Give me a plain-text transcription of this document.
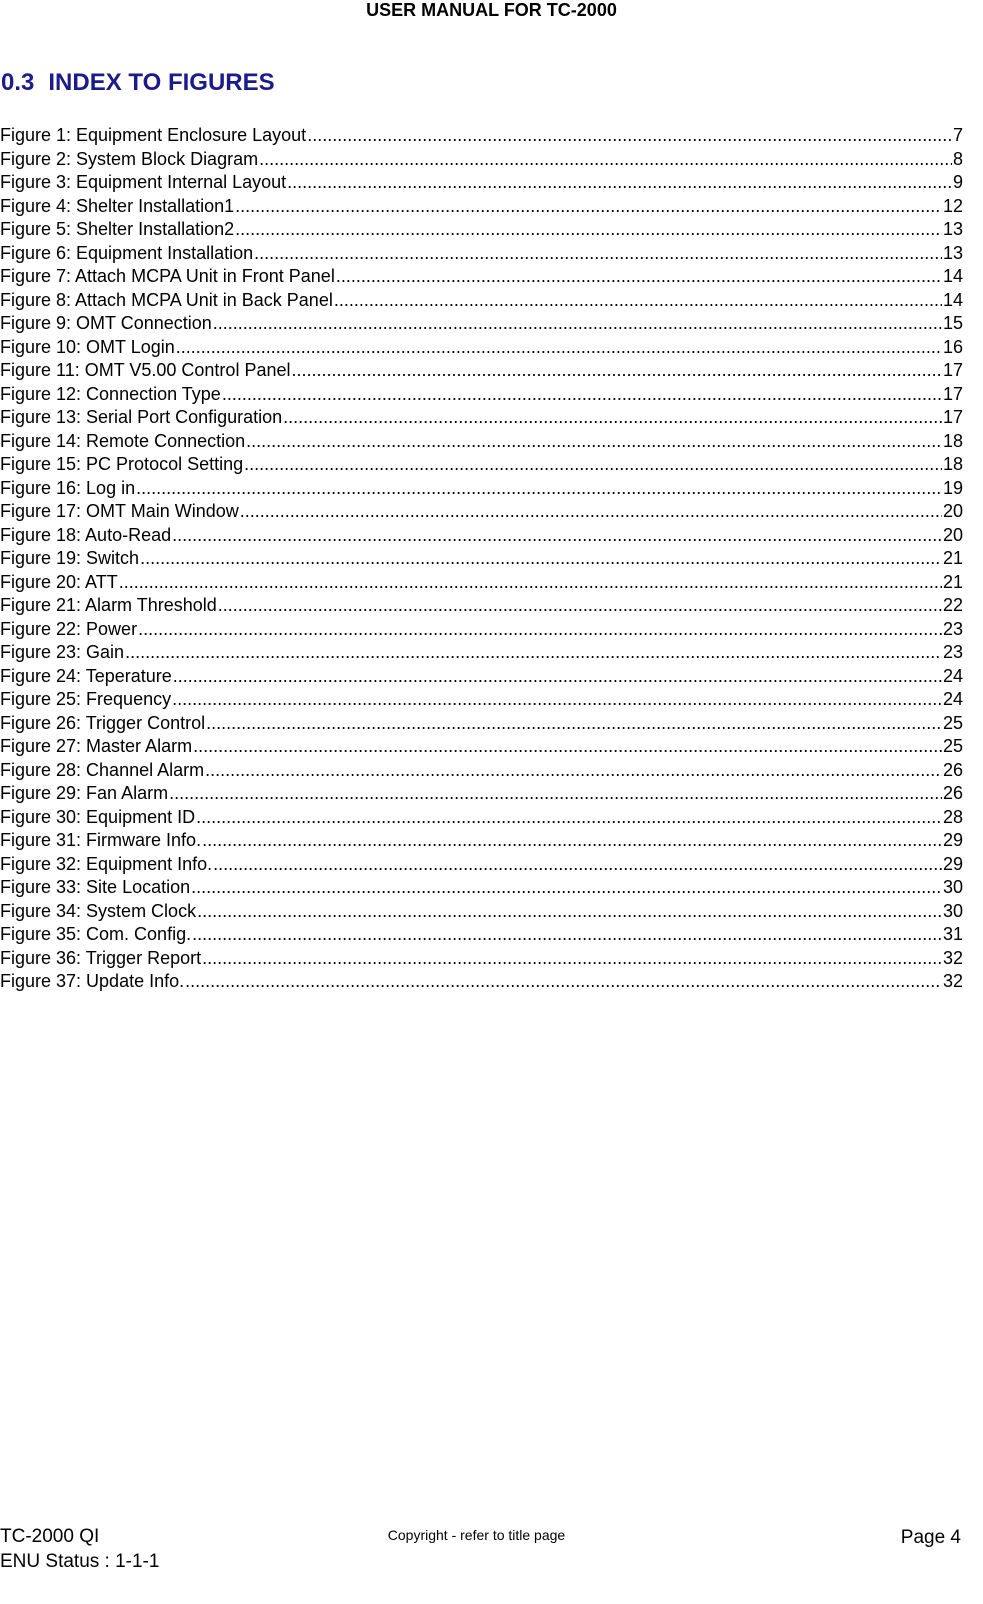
USER MANUAL FOR TC-2000
0.3 INDEX TO FIGURES
Figure 1: Equipment Enclosure Layout .....	7
Figure 2: System Block Diagram .....	8
Figure 3: Equipment Internal Layout .....	9
Figure 4: Shelter Installation1 .....	12
Figure 5: Shelter Installation2 .....	13
Figure 6: Equipment Installation .....	13
Figure 7: Attach MCPA Unit in Front Panel .....	14
Figure 8: Attach MCPA Unit in Back Panel .....	14
Figure 9: OMT Connection .....	15
Figure 10: OMT Login .....	16
Figure 11: OMT V5.00 Control Panel .....	17
Figure 12: Connection Type .....	17
Figure 13: Serial Port Configuration .....	17
Figure 14: Remote Connection .....	18
Figure 15: PC Protocol Setting .....	18
Figure 16: Log in .....	19
Figure 17: OMT Main Window .....	20
Figure 18: Auto-Read .....	20
Figure 19: Switch .....	21
Figure 20: ATT .....	21
Figure 21: Alarm Threshold .....	22
Figure 22: Power .....	23
Figure 23: Gain .....	23
Figure 24: Teperature .....	24
Figure 25: Frequency .....	24
Figure 26: Trigger Control .....	25
Figure 27: Master Alarm .....	25
Figure 28: Channel Alarm .....	26
Figure 29: Fan Alarm .....	26
Figure 30: Equipment ID .....	28
Figure 31: Firmware Info. .....	29
Figure 32: Equipment Info. .....	29
Figure 33: Site Location .....	30
Figure 34: System Clock .....	30
Figure 35: Com. Config. .....	31
Figure 36: Trigger Report .....	32
Figure 37: Update Info. .....	32
TC-2000 QI
ENU Status : 1-1-1
Copyright - refer to title page	Page 4
